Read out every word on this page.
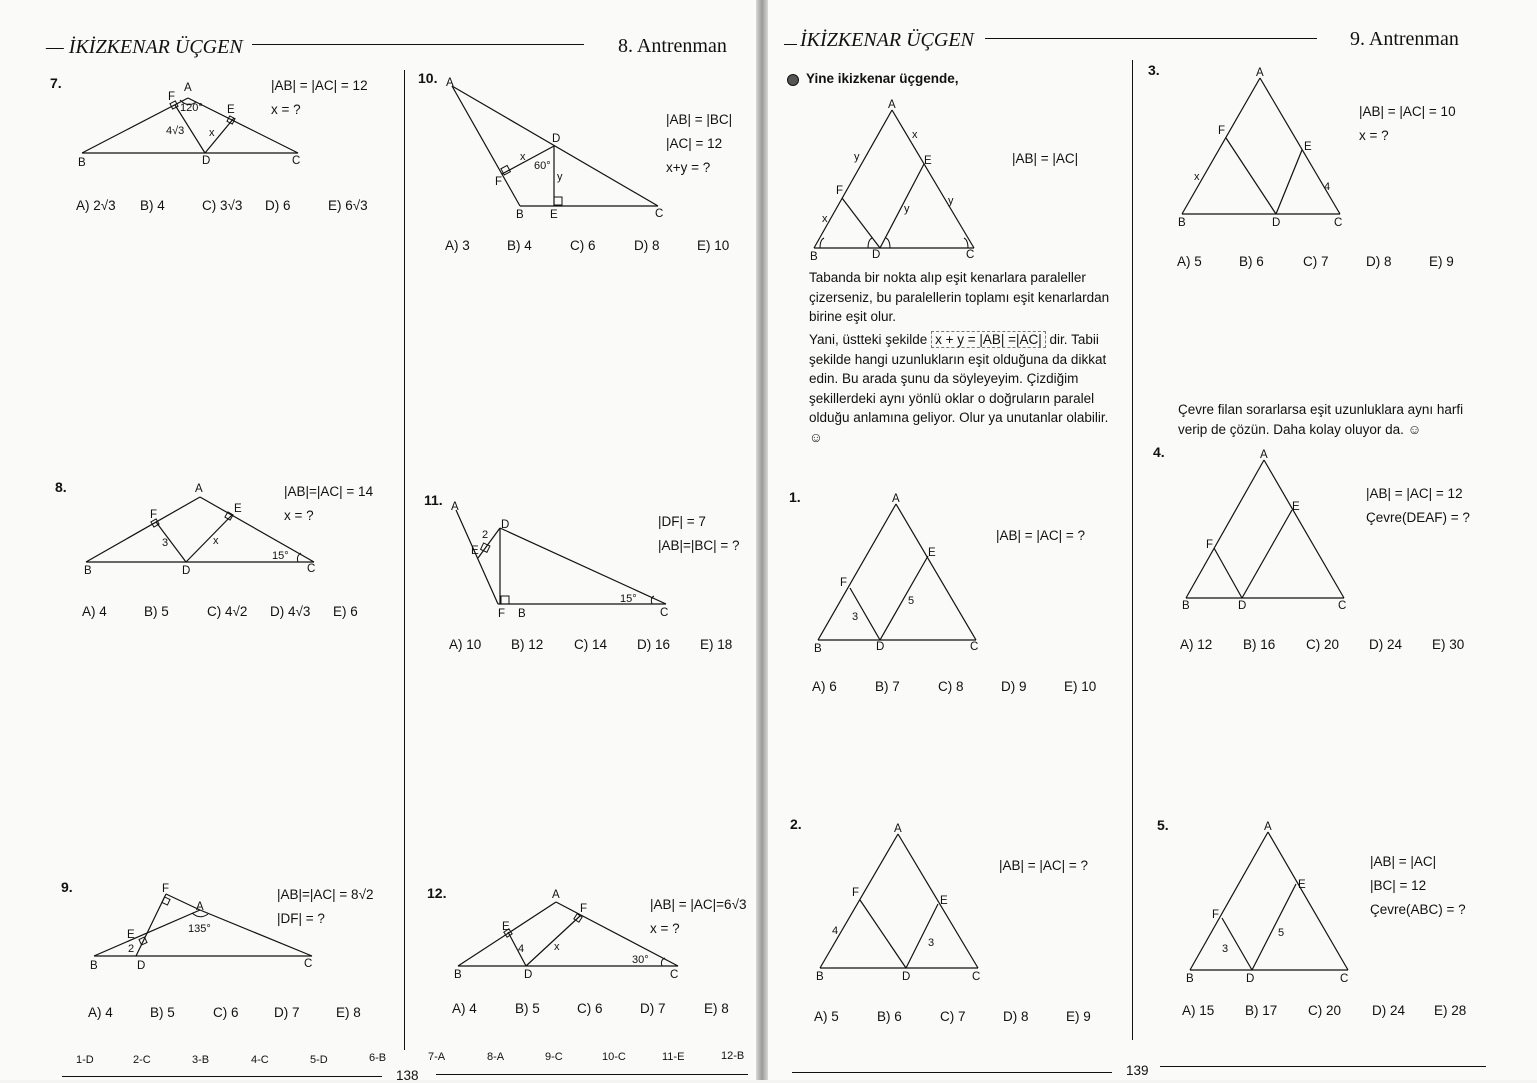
— İKİZKENAR ÜÇGEN	8. Antrenman
7.	|AB| = |AC| = 12
x = ?
A
F
E
B	D	C
120°
4√3 x
A) 2√3	B) 4	C) 3√3	D) 6	E) 6√3
8.	|AB|=|AC| = 14
x = ?
A
F	E
B	D	C
3	x
15°
A) 4	B) 5	C) 4√2	D) 4√3	E) 6
9.	|AB|=|AC| = 8√2
|DF| = ?
F
A
E
B	D	C
135°
2
A) 4	B) 5	C) 6	D) 7	E) 8
10.
|AB| = |BC|
|AC| = 12
x+y = ?
A
D
F
B E	C
60°
x
y
A) 3	B) 4	C) 6	D) 8	E) 10
11.
|DF| = 7
|AB|=|BC| = ?
A
D
E
F B	C
2
15°
A) 10	B) 12	C) 14	D) 16	E) 18
12.
|AB| = |AC|=6√3
x = ?
A
F
E
B	D	C
4	x
30°
A) 4	B) 5	C) 6	D) 7	E) 8
1-D	2-C	3-B	4-C	5-D	6-B	7-A	8-A	9-C	10-C	11-E	12-B
138
İKİZKENAR ÜÇGEN	9. Antrenman
Yine ikizkenar üçgende,
|AB| = |AC|
A
F
E
B	D	C
x
y
y
x
y
Tabanda bir nokta alıp eşit kenarlara paraleller çizerseniz, bu paralellerin toplamı eşit kenarlardan birine eşit olur.
Yani, üstteki şekilde x + y = |AB| =|AC| dir. Tabii şekilde hangi uzunlukların eşit olduğuna da dikkat edin. Bu arada şunu da söyleyeyim. Çizdiğim şekillerdeki aynı yönlü oklar o doğruların paralel olduğu anlamına geliyor. Olur ya unutanlar olabilir. ☺
1.
|AB| = |AC| = ?
A
F
E
B	D	C
3
5
A) 6	B) 7	C) 8	D) 9	E) 10
2.
|AB| = |AC| = ?
A
F
E
B	D	C
4
3
A) 5	B) 6	C) 7	D) 8	E) 9
3.
|AB| = |AC| = 10
x = ?
A
F
E
B	D	C
x
4
A) 5	B) 6	C) 7	D) 8	E) 9
Çevre filan sorarlarsa eşit uzunluklara aynı harfi verip de çözün. Daha kolay oluyor da. ☺
4.
|AB| = |AC| = 12
Çevre(DEAF) = ?
A
F
E
B	D	C
A) 12	B) 16	C) 20	D) 24	E) 30
5.
|AB| = |AC|
|BC| = 12
Çevre(ABC) = ?
A
F
E
B	D	C
3
5
A) 15	B) 17	C) 20	D) 24	E) 28
139
